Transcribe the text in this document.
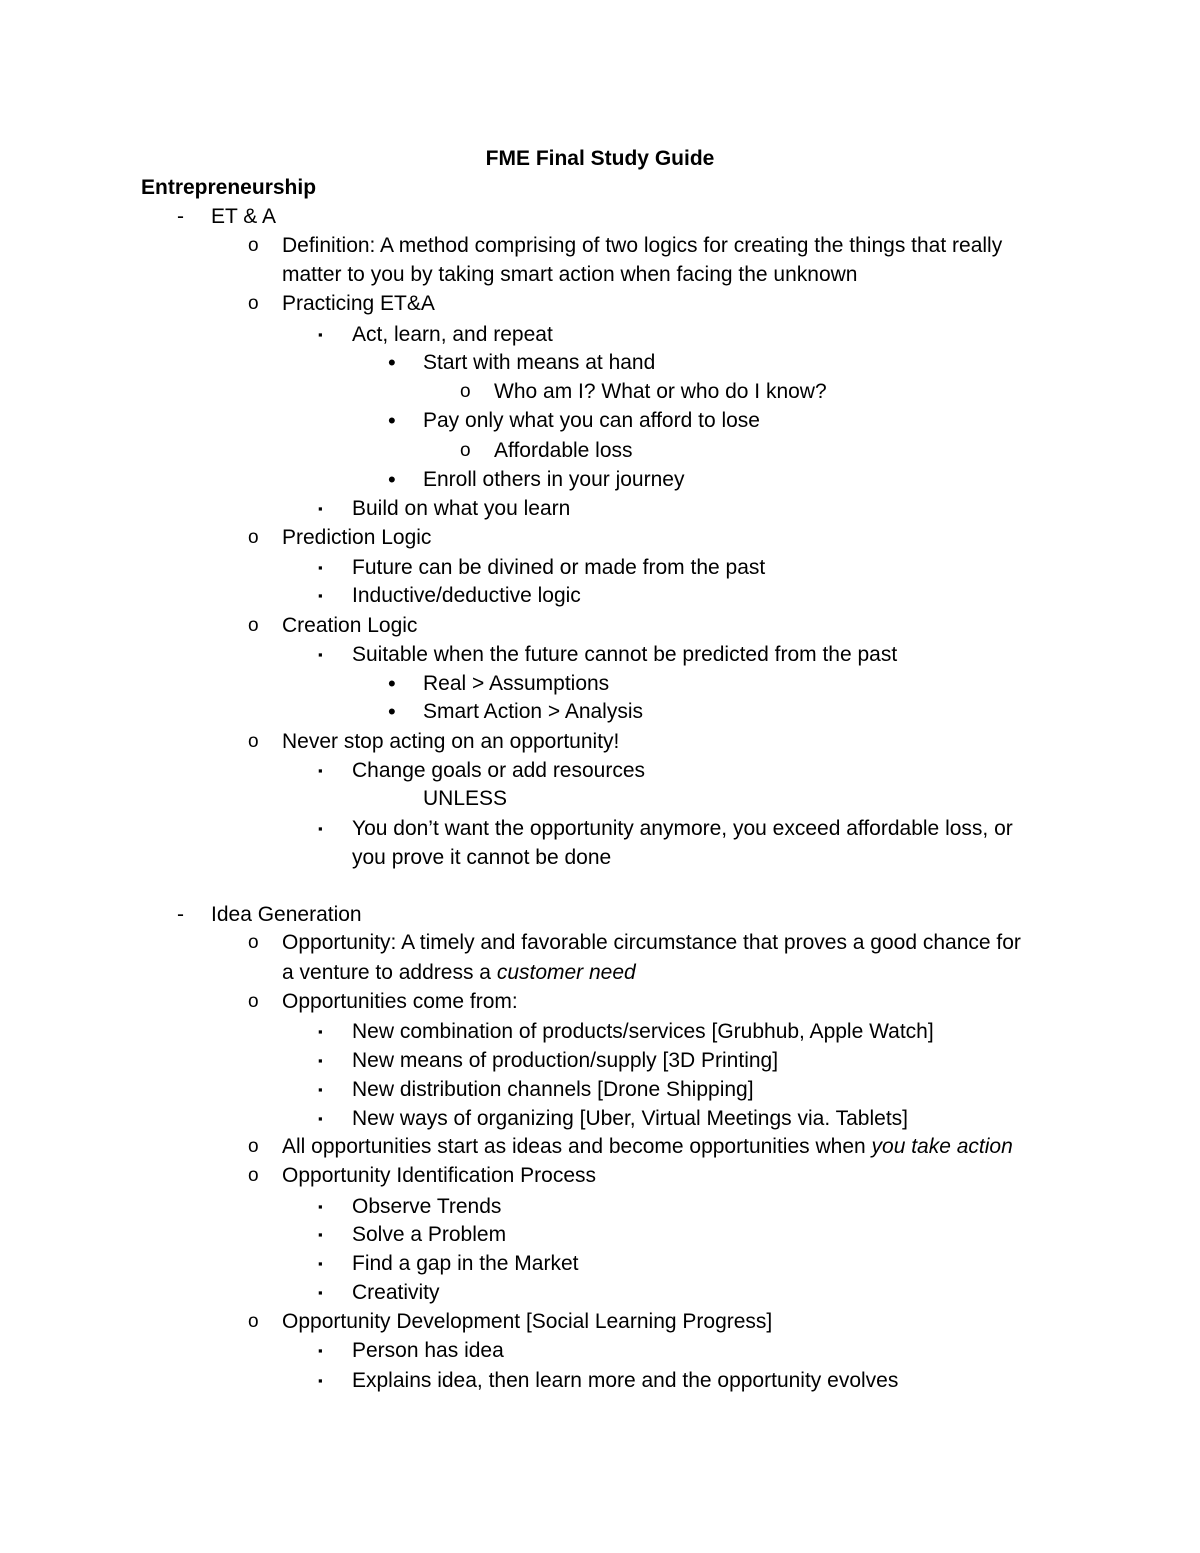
FME Final Study Guide
Entrepreneurship
- ET & A
o Definition: A method comprising of two logics for creating the things that really
matter to you by taking smart action when facing the unknown
o Practicing ET&A
▪ Act, learn, and repeat
• Start with means at hand
o Who am I? What or who do I know?
• Pay only what you can afford to lose
o Affordable loss
• Enroll others in your journey
▪ Build on what you learn
o Prediction Logic
▪ Future can be divined or made from the past
▪ Inductive/deductive logic
o Creation Logic
▪ Suitable when the future cannot be predicted from the past
• Real > Assumptions
• Smart Action > Analysis
o Never stop acting on an opportunity!
▪ Change goals or add resources
UNLESS
▪ You don’t want the opportunity anymore, you exceed affordable loss, or
you prove it cannot be done
- Idea Generation
o Opportunity: A timely and favorable circumstance that proves a good chance for
a venture to address a customer need
o Opportunities come from:
▪ New combination of products/services [Grubhub, Apple Watch]
▪ New means of production/supply [3D Printing]
▪ New distribution channels [Drone Shipping]
▪ New ways of organizing [Uber, Virtual Meetings via. Tablets]
o All opportunities start as ideas and become opportunities when you take action
o Opportunity Identification Process
▪ Observe Trends
▪ Solve a Problem
▪ Find a gap in the Market
▪ Creativity
o Opportunity Development [Social Learning Progress]
▪ Person has idea
▪ Explains idea, then learn more and the opportunity evolves
